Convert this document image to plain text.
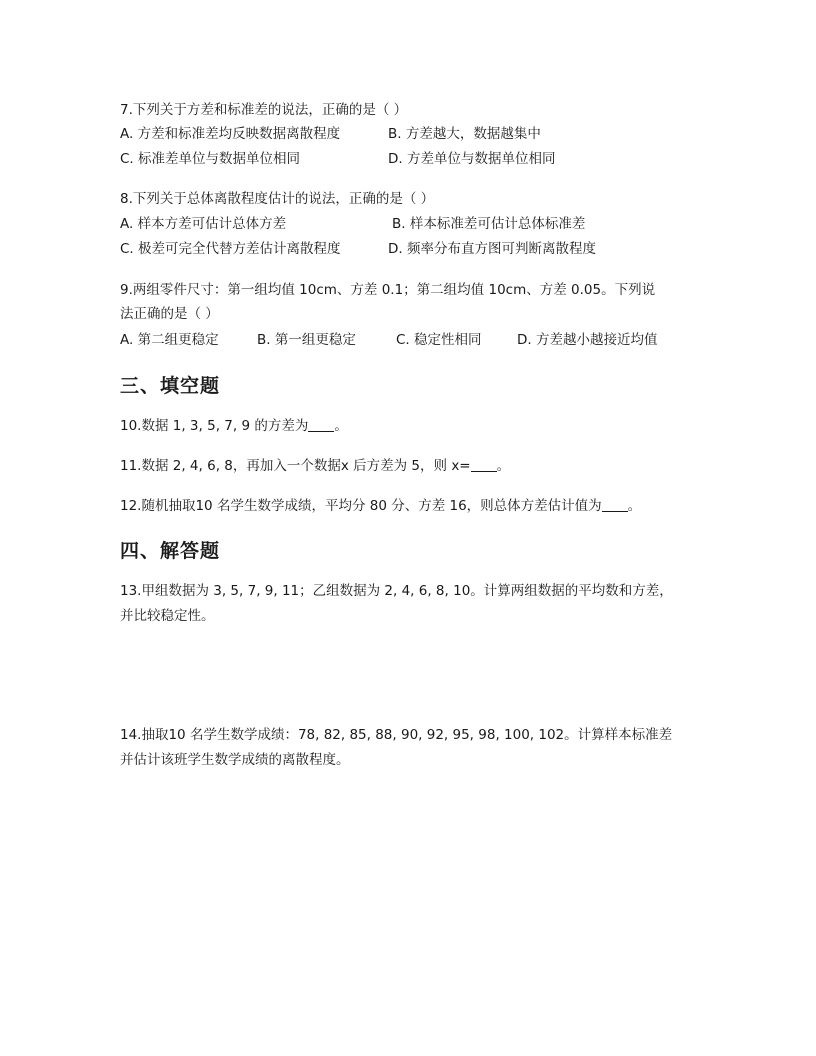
7.下列关于方差和标准差的说法，正确的是（ ）
A. 方差和标准差均反映数据离散程度	B. 方差越大，数据越集中
C. 标准差单位与数据单位相同	D. 方差单位与数据单位相同
8.下列关于总体离散程度估计的说法，正确的是（ ）
A. 样本方差可估计总体方差	B. 样本标准差可估计总体标准差
C. 极差可完全代替方差估计离散程度	D. 频率分布直方图可判断离散程度
9.两组零件尺寸：第一组均值 10cm、方差 0.1；第二组均值 10cm、方差 0.05。下列说
法正确的是（ ）
A. 第二组更稳定	B. 第一组更稳定	C. 稳定性相同	D. 方差越小越接近均值
三、填空题
10.数据 1, 3, 5, 7, 9 的方差为 。
11.数据 2, 4, 6, 8，再加入一个数据x 后方差为 5，则 x= 。
12.随机抽取10 名学生数学成绩，平均分 80 分、方差 16，则总体方差估计值为 。
四、解答题
13.甲组数据为 3, 5, 7, 9, 11；乙组数据为 2, 4, 6, 8, 10。计算两组数据的平均数和方差，
并比较稳定性。
14.抽取10 名学生数学成绩：78, 82, 85, 88, 90, 92, 95, 98, 100, 102。计算样本标准差
并估计该班学生数学成绩的离散程度。
